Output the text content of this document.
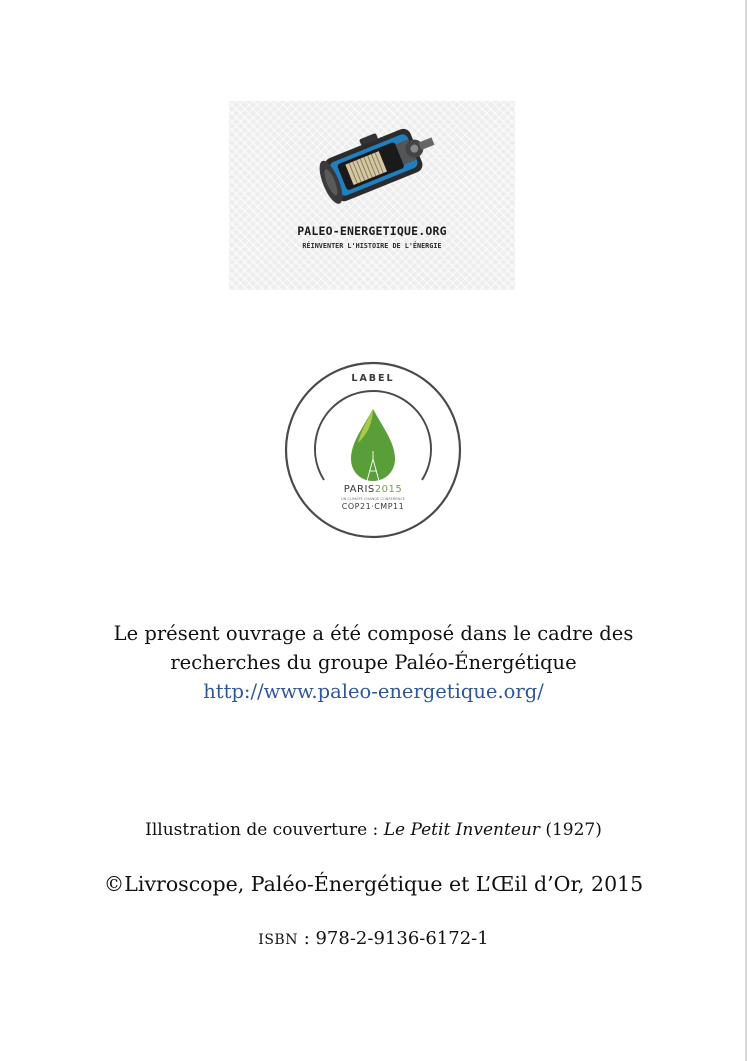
PALEO-ENERGETIQUE.ORG
RÉINVENTER L'HISTOIRE DE L'ÉNERGIE
LABEL
PARIS2015
UN CLIMATE CHANGE CONFERENCE
COP21·CMP11
Le présent ouvrage a été composé dans le cadre des
recherches du groupe Paléo-Énergétique
http://www.paleo-energetique.org/
Illustration de couverture : Le Petit Inventeur (1927)
©Livroscope, Paléo-Énergétique et L’Œil d’Or, 2015
ISBN : 978-2-9136-6172-1
